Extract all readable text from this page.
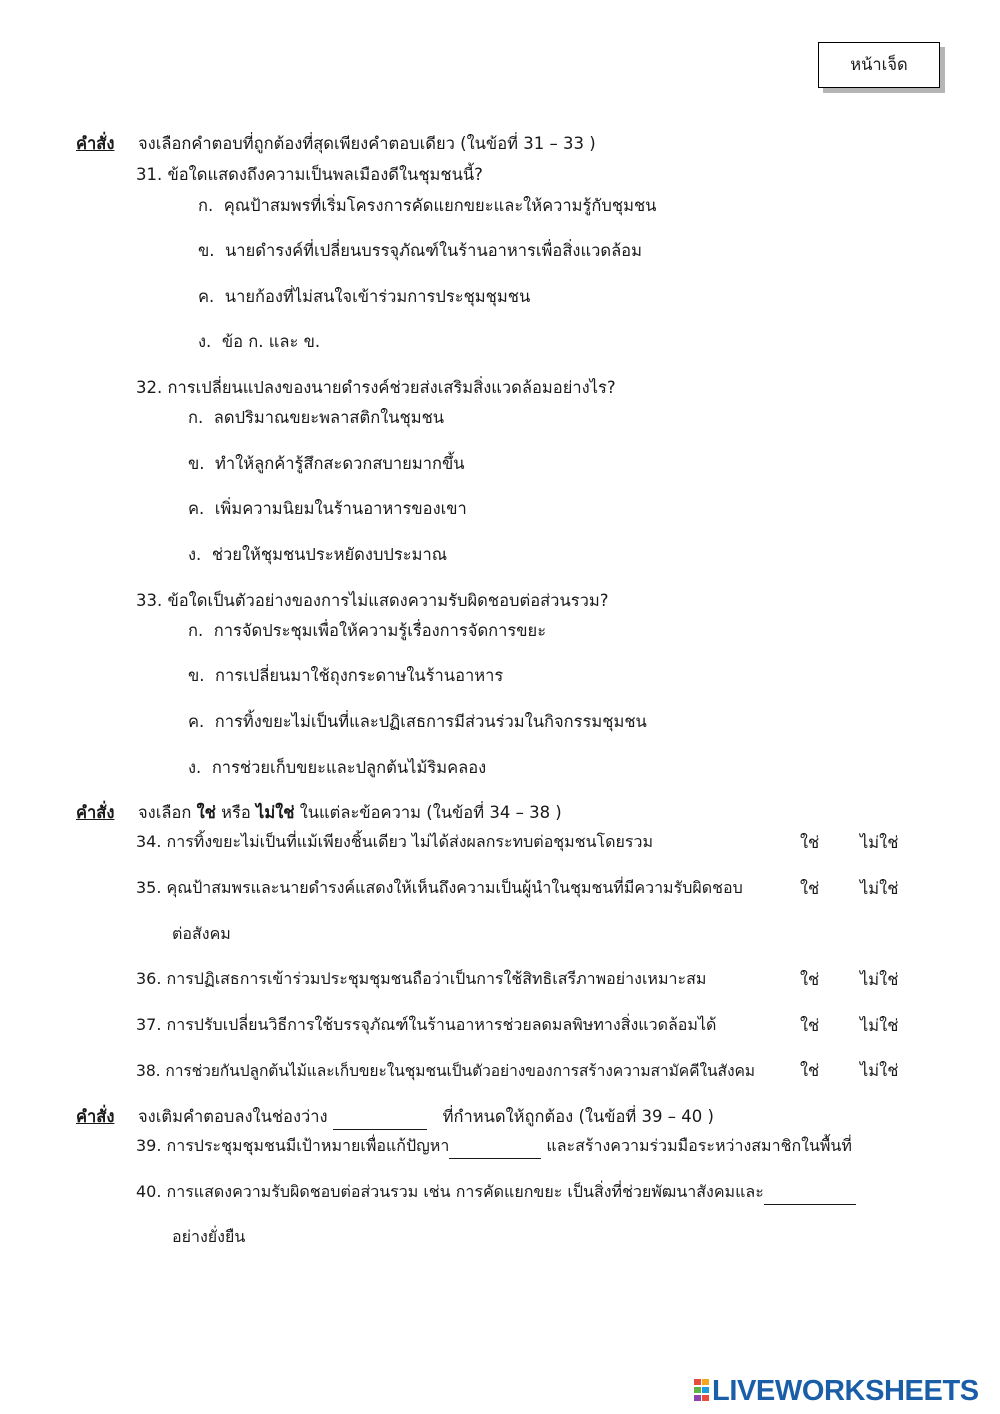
หน้าเจ็ด
คำสั่ง จงเลือกคำตอบที่ถูกต้องที่สุดเพียงคำตอบเดียว (ในข้อที่ 31 – 33 )
31. ข้อใดแสดงถึงความเป็นพลเมืองดีในชุมชนนี้?
ก. คุณป้าสมพรที่เริ่มโครงการคัดแยกขยะและให้ความรู้กับชุมชน
ข. นายดำรงค์ที่เปลี่ยนบรรจุภัณฑ์ในร้านอาหารเพื่อสิ่งแวดล้อม
ค. นายก้องที่ไม่สนใจเข้าร่วมการประชุมชุมชน
ง. ข้อ ก. และ ข.
32. การเปลี่ยนแปลงของนายดำรงค์ช่วยส่งเสริมสิ่งแวดล้อมอย่างไร?
ก. ลดปริมาณขยะพลาสติกในชุมชน
ข. ทำให้ลูกค้ารู้สึกสะดวกสบายมากขึ้น
ค. เพิ่มความนิยมในร้านอาหารของเขา
ง. ช่วยให้ชุมชนประหยัดงบประมาณ
33. ข้อใดเป็นตัวอย่างของการไม่แสดงความรับผิดชอบต่อส่วนรวม?
ก. การจัดประชุมเพื่อให้ความรู้เรื่องการจัดการขยะ
ข. การเปลี่ยนมาใช้ถุงกระดาษในร้านอาหาร
ค. การทิ้งขยะไม่เป็นที่และปฏิเสธการมีส่วนร่วมในกิจกรรมชุมชน
ง. การช่วยเก็บขยะและปลูกต้นไม้ริมคลอง
คำสั่ง จงเลือก ใช่ หรือ ไม่ใช่ ในแต่ละข้อความ (ในข้อที่ 34 – 38 )
34. การทิ้งขยะไม่เป็นที่แม้เพียงชิ้นเดียว ไม่ได้ส่งผลกระทบต่อชุมชนโดยรวม	ใช่ ไม่ใช่
35. คุณป้าสมพรและนายดำรงค์แสดงให้เห็นถึงความเป็นผู้นำในชุมชนที่มีความรับผิดชอบ	ใช่ ไม่ใช่
ต่อสังคม
36. การปฏิเสธการเข้าร่วมประชุมชุมชนถือว่าเป็นการใช้สิทธิเสรีภาพอย่างเหมาะสม	ใช่ ไม่ใช่
37. การปรับเปลี่ยนวิธีการใช้บรรจุภัณฑ์ในร้านอาหารช่วยลดมลพิษทางสิ่งแวดล้อมได้	ใช่ ไม่ใช่
38. การช่วยกันปลูกต้นไม้และเก็บขยะในชุมชนเป็นตัวอย่างของการสร้างความสามัคคีในสังคม	ใช่ ไม่ใช่
คำสั่ง จงเติมคำตอบลงในช่องว่าง	ที่กำหนดให้ถูกต้อง (ในข้อที่ 39 – 40 )
39. การประชุมชุมชนมีเป้าหมายเพื่อแก้ปัญหา	และสร้างความร่วมมือระหว่างสมาชิกในพื้นที่
40. การแสดงความรับผิดชอบต่อส่วนรวม เช่น การคัดแยกขยะ เป็นสิ่งที่ช่วยพัฒนาสังคมและ
อย่างยั่งยืน
LIVEWORKSHEETS
